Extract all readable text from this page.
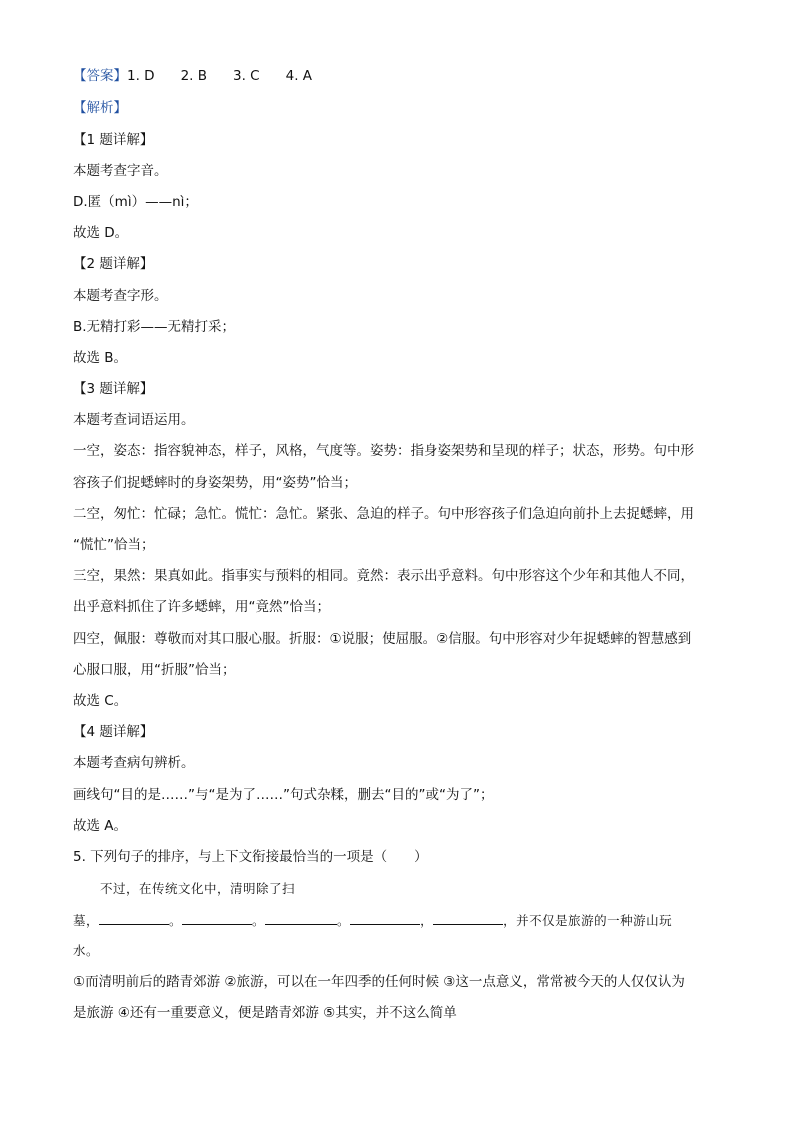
【答案】1. D 2. B 3. C 4. A
【解析】
【1 题详解】
本题考查字音。
D.匿（mì）——nì；
故选 D。
【2 题详解】
本题考查字形。
B.无精打彩——无精打采；
故选 B。
【3 题详解】
本题考查词语运用。
一空，姿态：指容貌神态，样子，风格，气度等。姿势：指身姿架势和呈现的样子；状态，形势。句中形
容孩子们捉蟋蟀时的身姿架势，用“姿势”恰当；
二空，匆忙：忙碌；急忙。慌忙：急忙。紧张、急迫的样子。句中形容孩子们急迫向前扑上去捉蟋蟀，用
“慌忙”恰当；
三空，果然：果真如此。指事实与预料的相同。竟然：表示出乎意料。句中形容这个少年和其他人不同，
出乎意料抓住了许多蟋蟀，用“竟然”恰当；
四空，佩服：尊敬而对其口服心服。折服：①说服；使屈服。②信服。句中形容对少年捉蟋蟀的智慧感到
心服口服，用“折服”恰当；
故选 C。
【4 题详解】
本题考查病句辨析。
画线句“目的是……”与“是为了……”句式杂糅，删去“目的”或“为了”；
故选 A。
5. 下列句子的排序，与上下文衔接最恰当的一项是（　　）
不过，在传统文化中，清明除了扫
墓，	。	。	。	，	，并不仅是旅游的一种游山玩
水。
①而清明前后的踏青郊游 ②旅游，可以在一年四季的任何时候 ③这一点意义，常常被今天的人仅仅认为
是旅游 ④还有一重要意义，便是踏青郊游 ⑤其实，并不这么简单
